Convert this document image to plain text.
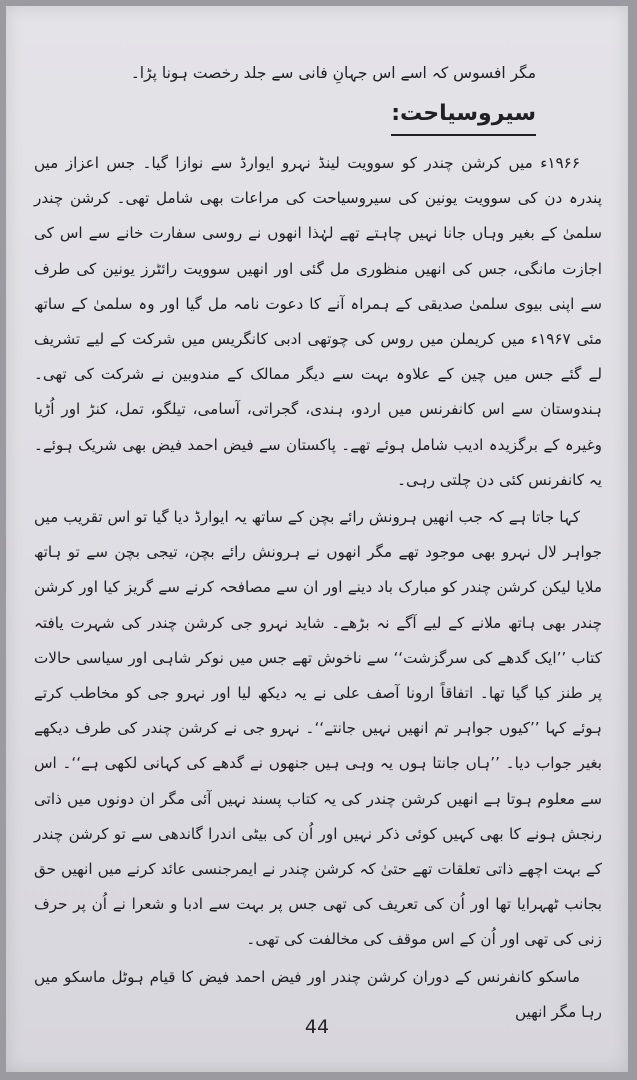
مگر افسوس کہ اسے اس جہانِ فانی سے جلد رخصت ہونا پڑا۔

سیروسیاحت:

۱۹۶۶ء میں کرشن چندر کو سوویت لینڈ نہرو ایوارڈ سے نوازا گیا۔ جس اعزاز میں پندرہ دن کی سوویت یونین کی سیروسیاحت کی مراعات بھی شامل تھی۔ کرشن چندر سلمیٰ کے بغیر وہاں جانا نہیں چاہتے تھے لہٰذا انھوں نے روسی سفارت خانے سے اس کی اجازت مانگی، جس کی انھیں منظوری مل گئی اور انھیں سوویت رائٹرز یونین کی طرف سے اپنی بیوی سلمیٰ صدیقی کے ہمراہ آنے کا دعوت نامہ مل گیا اور وہ سلمیٰ کے ساتھ مئی ۱۹۶۷ء میں کریملن میں روس کی چوتھی ادبی کانگریس میں شرکت کے لیے تشریف لے گئے جس میں چین کے علاوہ بہت سے دیگر ممالک کے مندوبین نے شرکت کی تھی۔ ہندوستان سے اس کانفرنس میں اردو، ہندی، گجراتی، آسامی، تیلگو، تمل، کنڑ اور اُڑیا وغیرہ کے برگزیدہ ادیب شامل ہوئے تھے۔ پاکستان سے فیض احمد فیض بھی شریک ہوئے۔ یہ کانفرنس کئی دن چلتی رہی۔

کہا جاتا ہے کہ جب انھیں ہرونش رائے بچن کے ساتھ یہ ایوارڈ دیا گیا تو اس تقریب میں جواہر لال نہرو بھی موجود تھے مگر انھوں نے ہرونش رائے بچن، تیجی بچن سے تو ہاتھ ملایا لیکن کرشن چندر کو مبارک باد دینے اور ان سے مصافحہ کرنے سے گریز کیا اور کرشن چندر بھی ہاتھ ملانے کے لیے آگے نہ بڑھے۔ شاید نہرو جی کرشن چندر کی شہرت یافتہ کتاب ’’ایک گدھے کی سرگزشت‘‘ سے ناخوش تھے جس میں نوکر شاہی اور سیاسی حالات پر طنز کیا گیا تھا۔ اتفاقاً ارونا آصف علی نے یہ دیکھ لیا اور نہرو جی کو مخاطب کرتے ہوئے کہا ’’کیوں جواہر تم انھیں نہیں جانتے‘‘۔ نہرو جی نے کرشن چندر کی طرف دیکھے بغیر جواب دیا۔ ’’ہاں جانتا ہوں یہ وہی ہیں جنھوں نے گدھے کی کہانی لکھی ہے‘‘۔ اس سے معلوم ہوتا ہے انھیں کرشن چندر کی یہ کتاب پسند نہیں آئی مگر ان دونوں میں ذاتی رنجش ہونے کا بھی کہیں کوئی ذکر نہیں اور اُن کی بیٹی اندرا گاندھی سے تو کرشن چندر کے بہت اچھے ذاتی تعلقات تھے حتیٰ کہ کرشن چندر نے ایمرجنسی عائد کرنے میں انھیں حق بجانب ٹھہرایا تھا اور اُن کی تعریف کی تھی جس پر بہت سے ادبا و شعرا نے اُن پر حرف زنی کی تھی اور اُن کے اس موقف کی مخالفت کی تھی۔

ماسکو کانفرنس کے دوران کرشن چندر اور فیض احمد فیض کا قیام ہوٹل ماسکو میں رہا مگر انھیں

44
